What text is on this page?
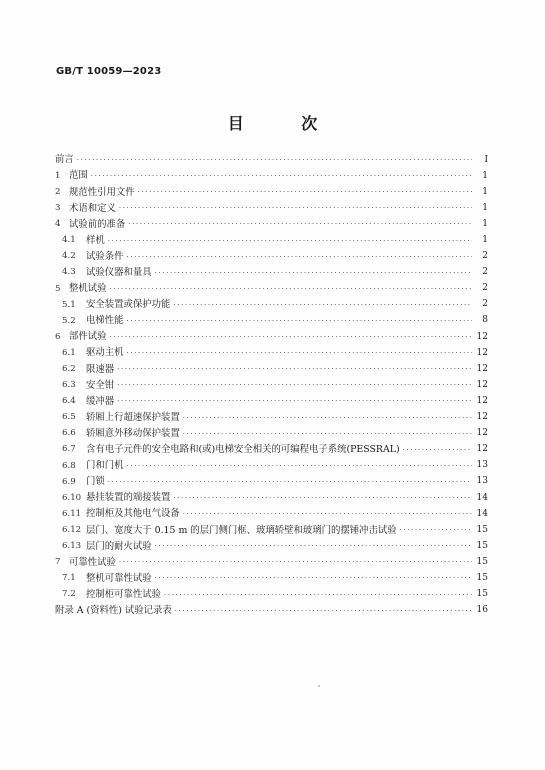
GB/T 10059—2023
目 次
前言 ·····	Ⅰ
1 范围 ·····	1
2 规范性引用文件 ·····	1
3 术语和定义 ·····	1
4 试验前的准备 ·····	1
4.1	样机 ·····	1
4.2	试验条件 ·····	2
4.3	试验仪器和量具 ·····	2
5 整机试验 ·····	2
5.1	安全装置或保护功能 ·····	2
5.2	电梯性能 ·····	8
6 部件试验 ·····	12
6.1	驱动主机 ·····	12
6.2	限速器 ·····	12
6.3	安全钳 ·····	12
6.4	缓冲器 ·····	12
6.5	轿厢上行超速保护装置 ·····	12
6.6	轿厢意外移动保护装置 ·····	12
6.7	含有电子元件的安全电路和(或)电梯安全相关的可编程电子系统(PESSRAL) ·····	12
6.8	门和门机 ·····	13
6.9	门锁 ·····	13
6.10 悬挂装置的端接装置 ·····	14
6.11 控制柜及其他电气设备 ·····	14
6.12 层门、宽度大于 0.15 m 的层门侧门框、玻璃轿壁和玻璃门的摆锤冲击试验 ·····	15
6.13 层门的耐火试验 ·····	15
7 可靠性试验 ·····	15
7.1	整机可靠性试验 ·····	15
7.2	控制柜可靠性试验 ·····	15
附录 A (资料性) 试验记录表 ·····	16
